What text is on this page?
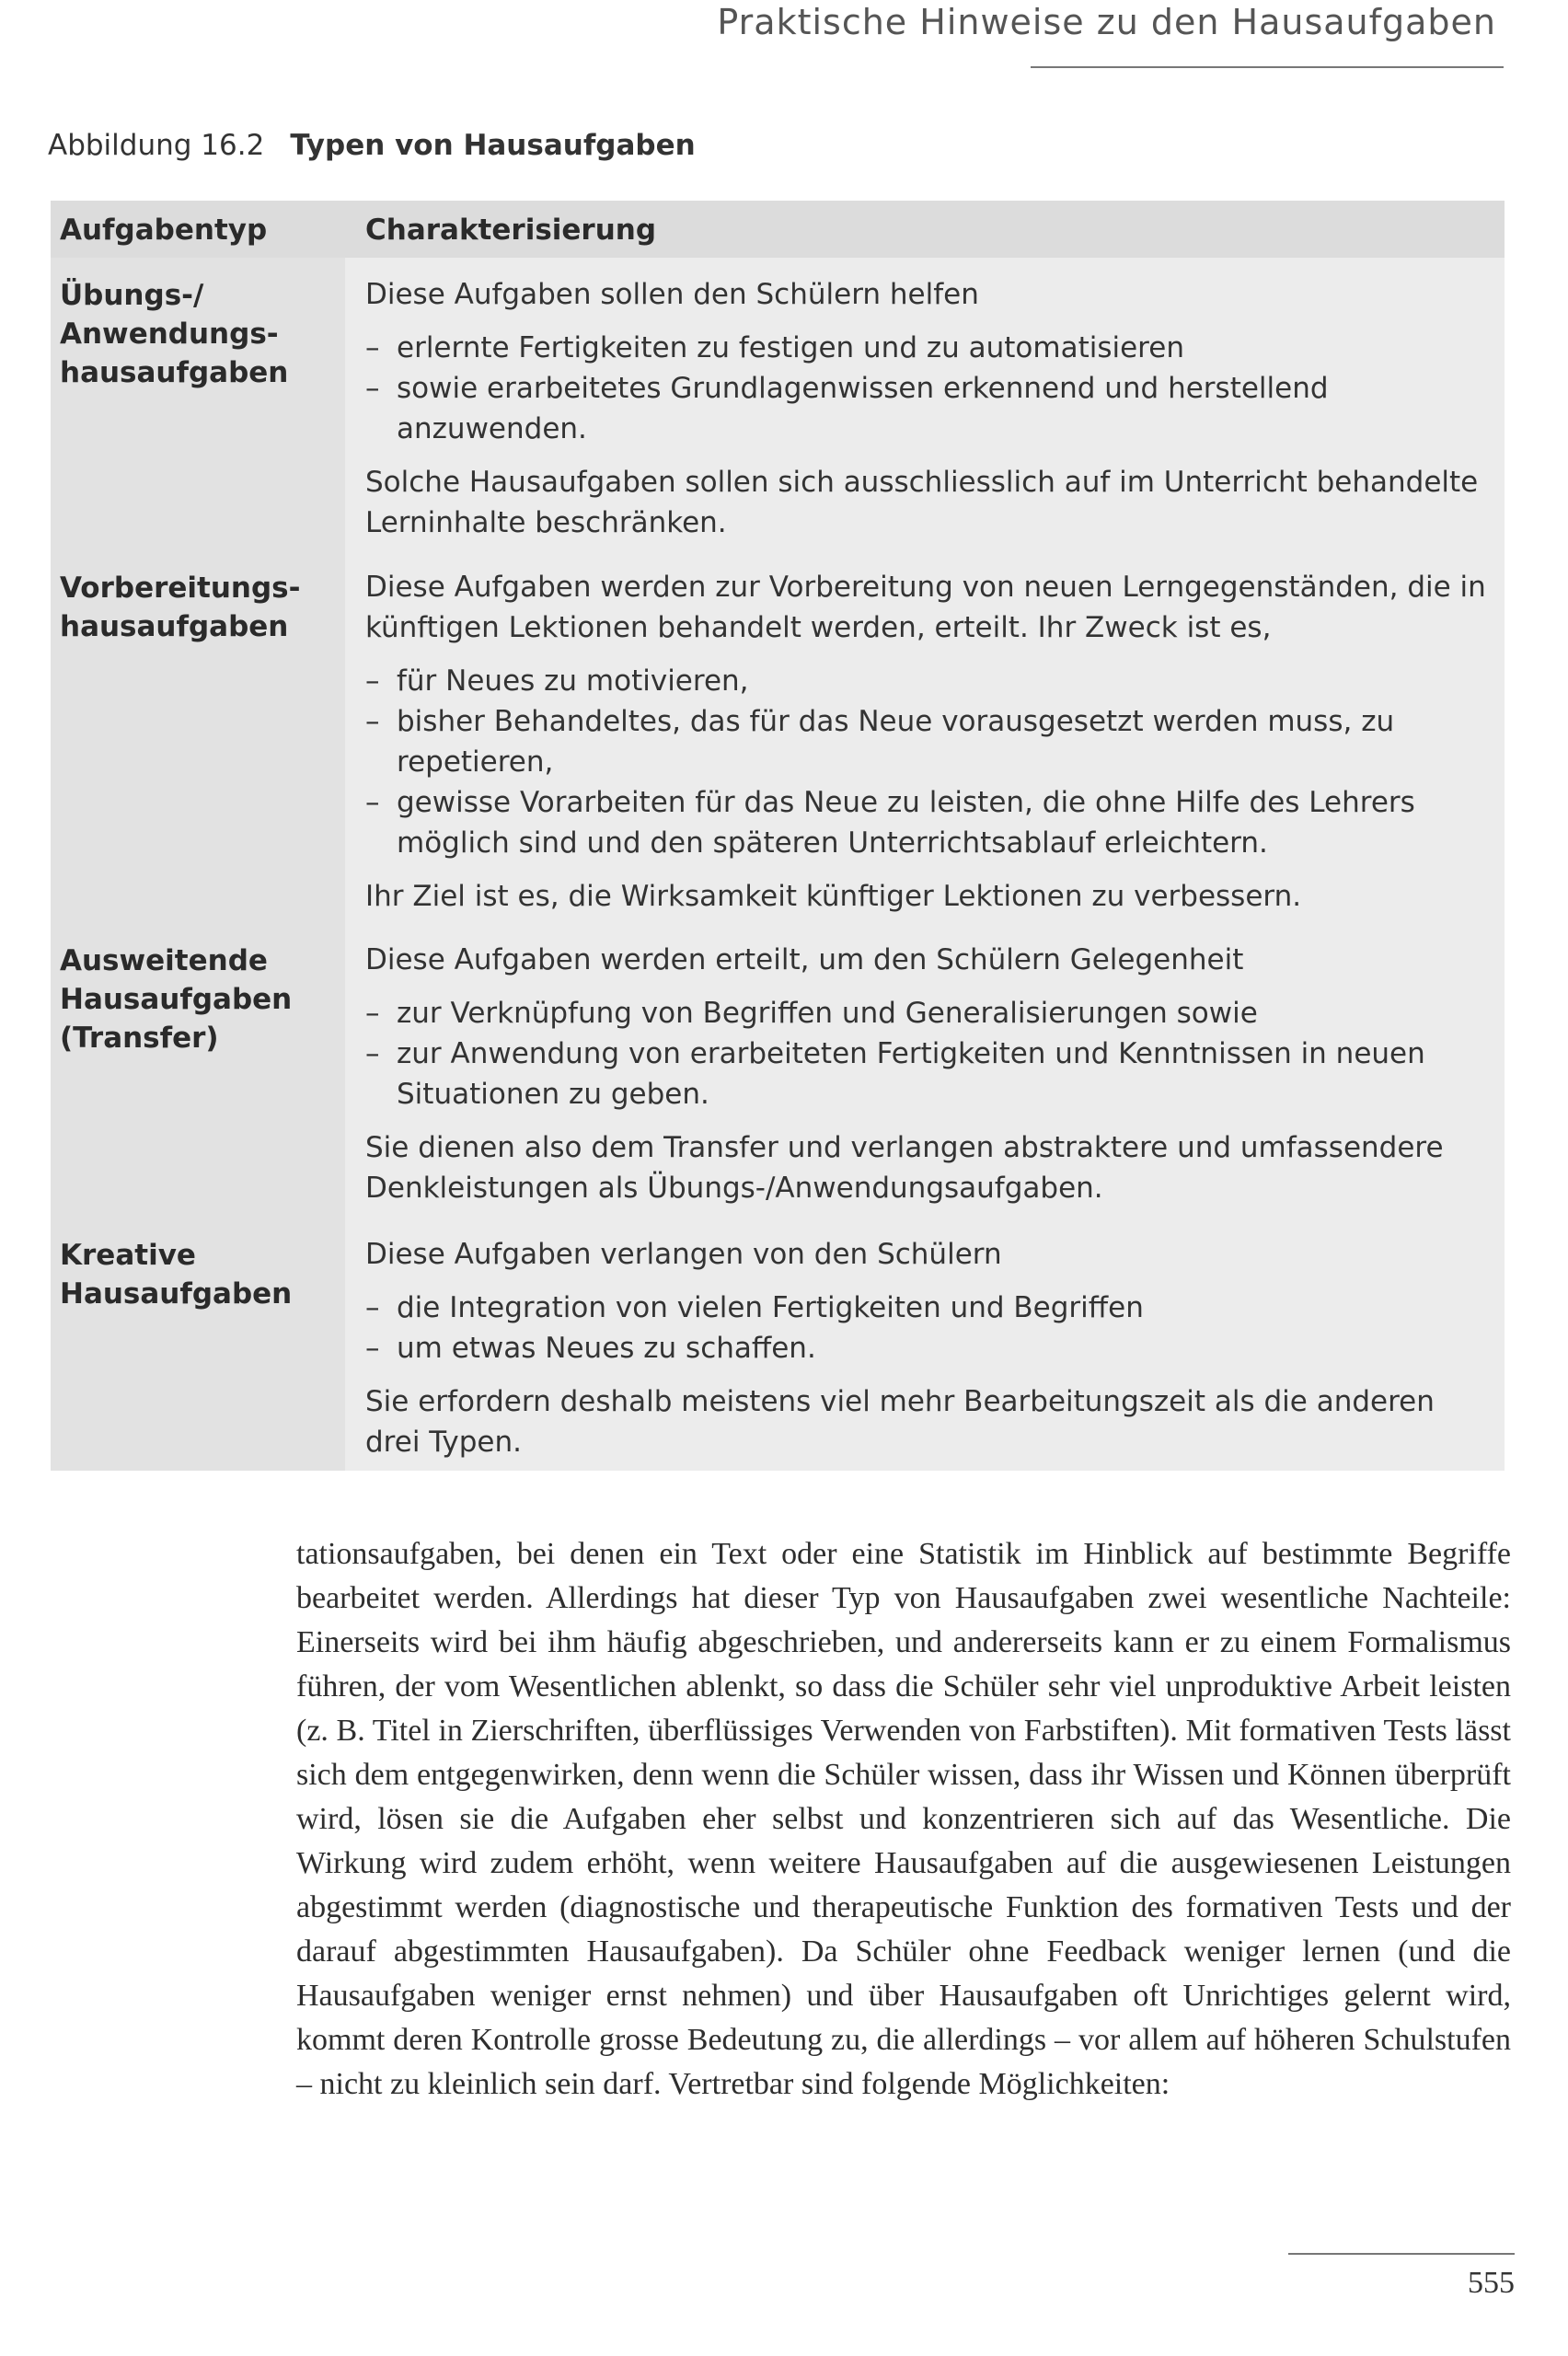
Praktische Hinweise zu den Hausaufgaben
Abbildung 16.2 Typen von Hausaufgaben
Aufgabentyp	Charakterisierung
Übungs-/ Anwendungs-hausaufgaben

Diese Aufgaben sollen den Schülern helfen

– erlernte Fertigkeiten zu festigen und zu automatisieren
– sowie erarbeitetes Grundlagenwissen erkennend und herstellend anzuwenden.

Solche Hausaufgaben sollen sich ausschliesslich auf im Unterricht behandelte Lerninhalte beschränken.

Vorbereitungs-hausaufgaben

Diese Aufgaben werden zur Vorbereitung von neuen Lerngegenständen, die in künftigen Lektionen behandelt werden, erteilt. Ihr Zweck ist es,

– für Neues zu motivieren,
– bisher Behandeltes, das für das Neue vorausgesetzt werden muss, zu repetieren,
– gewisse Vorarbeiten für das Neue zu leisten, die ohne Hilfe des Lehrers möglich sind und den späteren Unterrichtsablauf erleichtern.

Ihr Ziel ist es, die Wirksamkeit künftiger Lektionen zu verbessern.

Ausweitende Hausaufgaben (Transfer)

Diese Aufgaben werden erteilt, um den Schülern Gelegenheit

– zur Verknüpfung von Begriffen und Generalisierungen sowie
– zur Anwendung von erarbeiteten Fertigkeiten und Kenntnissen in neuen Situationen zu geben.

Sie dienen also dem Transfer und verlangen abstraktere und umfassendere Denkleistungen als Übungs-/Anwendungsaufgaben.

Kreative Hausaufgaben

Diese Aufgaben verlangen von den Schülern

– die Integration von vielen Fertigkeiten und Begriffen
– um etwas Neues zu schaffen.

Sie erfordern deshalb meistens viel mehr Bearbeitungszeit als die anderen drei Typen.

tationsaufgaben, bei denen ein Text oder eine Statistik im Hinblick auf bestimmte Begriffe bearbeitet werden. Allerdings hat dieser Typ von Hausaufgaben zwei wesentliche Nachteile: Einerseits wird bei ihm häufig abgeschrieben, und andererseits kann er zu einem Formalismus führen, der vom Wesentlichen ablenkt, so dass die Schüler sehr viel unproduktive Arbeit leisten (z. B. Titel in Zierschriften, überflüssiges Verwenden von Farbstiften). Mit formativen Tests lässt sich dem entgegenwirken, denn wenn die Schüler wissen, dass ihr Wissen und Können überprüft wird, lösen sie die Aufgaben eher selbst und konzentrieren sich auf das Wesentliche. Die Wirkung wird zudem erhöht, wenn weitere Hausaufgaben auf die ausgewiesenen Leistungen abgestimmt werden (diagnostische und therapeutische Funktion des formativen Tests und der darauf abgestimmten Hausaufgaben). Da Schüler ohne Feedback weniger lernen (und die Hausaufgaben weniger ernst nehmen) und über Hausaufgaben oft Unrichtiges gelernt wird, kommt deren Kontrolle grosse Bedeutung zu, die allerdings – vor allem auf höheren Schulstufen – nicht zu kleinlich sein darf. Vertretbar sind folgende Möglichkeiten:

555
